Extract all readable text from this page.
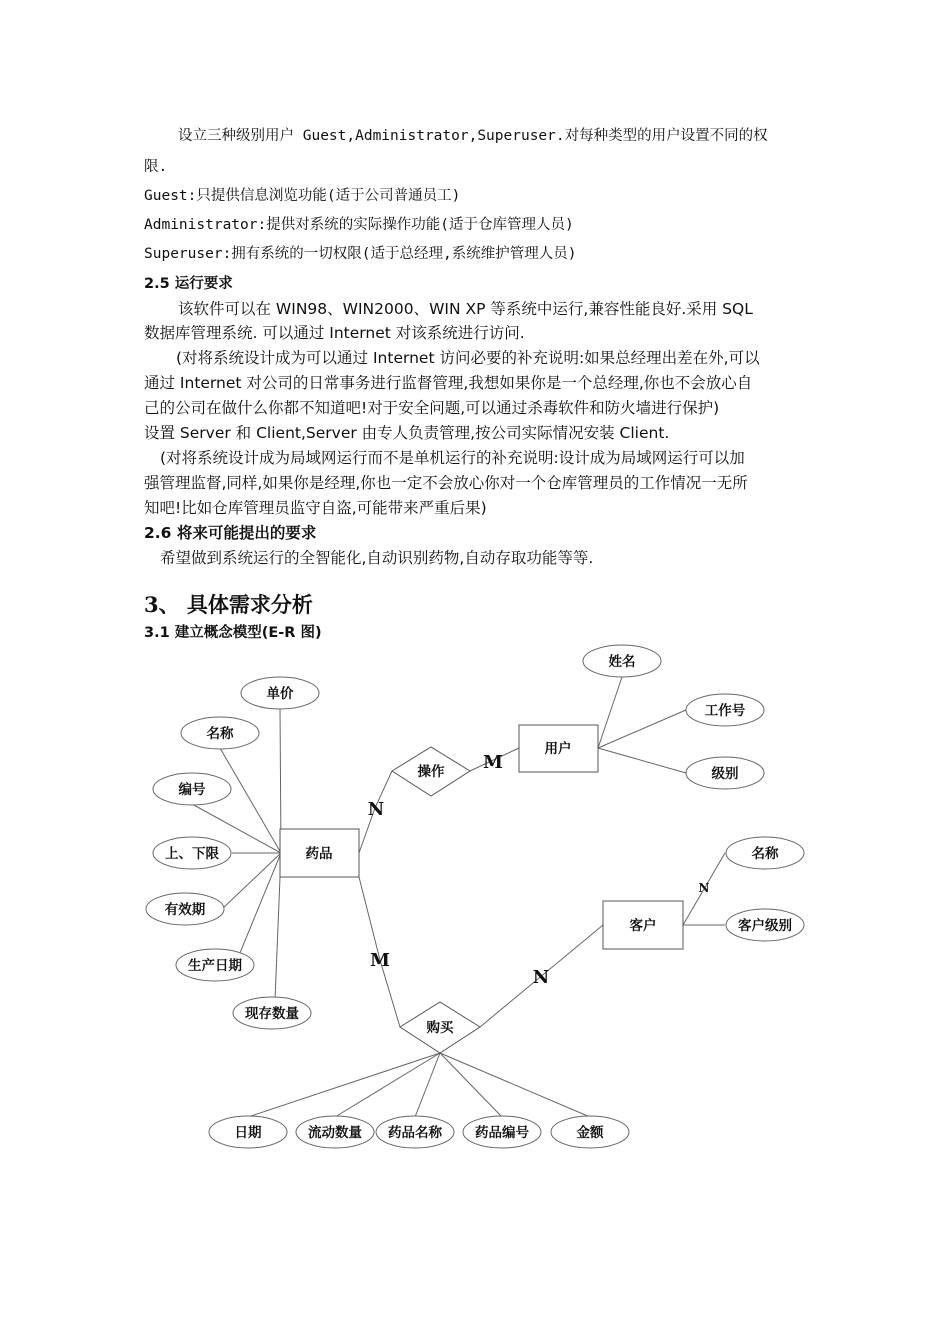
设立三种级别用户 Guest,Administrator,Superuser.对每种类型的用户设置不同的权
限.
Guest:只提供信息浏览功能(适于公司普通员工)
Administrator:提供对系统的实际操作功能(适于仓库管理人员)
Superuser:拥有系统的一切权限(适于总经理,系统维护管理人员)
2.5 运行要求
该软件可以在 WIN98、WIN2000、WIN XP 等系统中运行,兼容性能良好.采用 SQL
数据库管理系统. 可以通过 Internet 对该系统进行访问.
(对将系统设计成为可以通过 Internet 访问必要的补充说明:如果总经理出差在外,可以
通过 Internet 对公司的日常事务进行监督管理,我想如果你是一个总经理,你也不会放心自
己的公司在做什么你都不知道吧!对于安全问题,可以通过杀毒软件和防火墙进行保护)
设置 Server 和 Client,Server 由专人负责管理,按公司实际情况安装 Client.
(对将系统设计成为局域网运行而不是单机运行的补充说明:设计成为局域网运行可以加
强管理监督,同样,如果你是经理,你也一定不会放心你对一个仓库管理员的工作情况一无所
知吧!比如仓库管理员监守自盗,可能带来严重后果)
2.6 将来可能提出的要求
希望做到系统运行的全智能化,自动识别药物,自动存取功能等等.
3、 具体需求分析
3.1 建立概念模型(E-R 图)
单价
名称
编号
上、下限
有效期
生产日期
现存数量
药品
用户
客户
操作
购买
N
M
M
N
N
姓名
工作号
级别
名称
客户级别
日期	流动数量 药品名称 药品编号	金额
